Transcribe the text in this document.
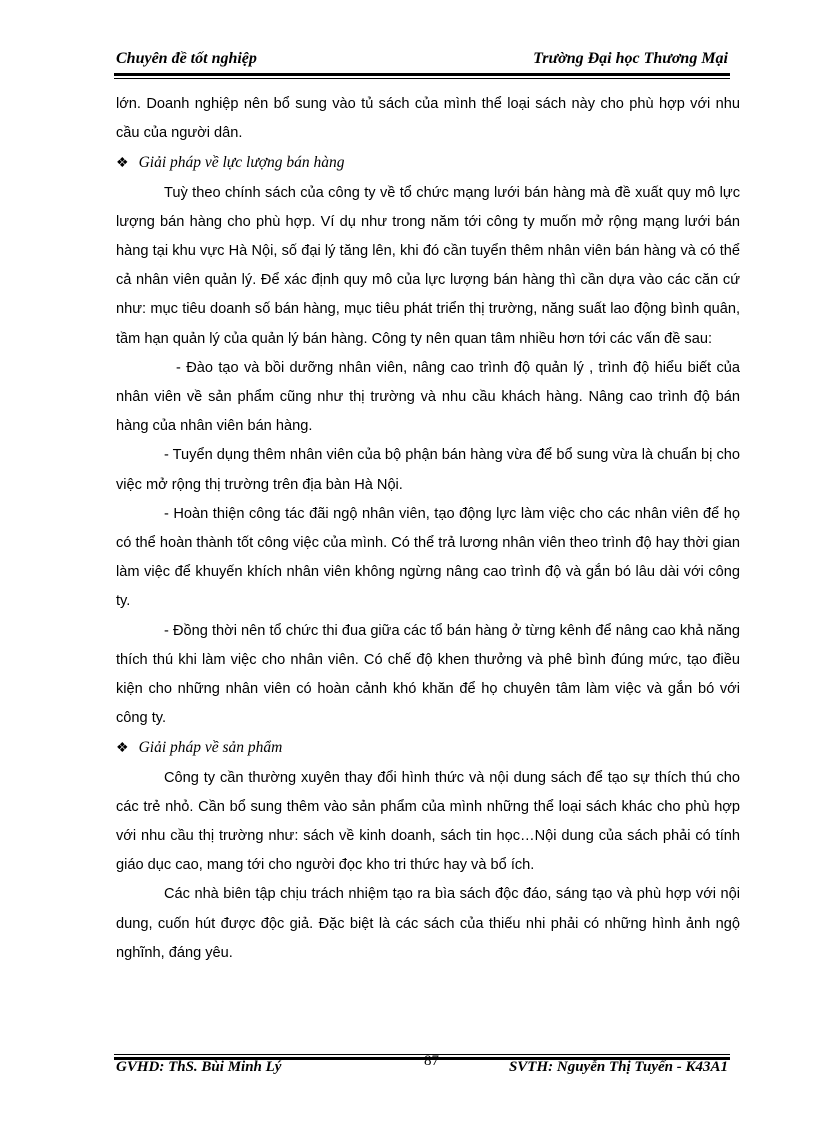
Chuyên đề tốt nghiệp	Trường Đại học Thương Mại

lớn. Doanh nghiệp nên bổ sung vào tủ sách của mình thể loại sách này cho phù hợp với nhu cầu của người dân.

❖ Giải pháp về lực lượng bán hàng

Tuỳ theo chính sách của công ty về tổ chức mạng lưới bán hàng mà đề xuất quy mô lực lượng bán hàng cho phù hợp. Ví dụ như trong năm tới công ty muốn mở rộng mạng lưới bán hàng tại khu vực Hà Nội, số đại lý tăng lên, khi đó cần tuyển thêm nhân viên bán hàng và có thể cả nhân viên quản lý. Để xác định quy mô của lực lượng bán hàng thì cần dựa vào các căn cứ như: mục tiêu doanh số bán hàng, mục tiêu phát triển thị trường, năng suất lao động bình quân, tầm hạn quản lý của quản lý bán hàng. Công ty nên quan tâm nhiều hơn tới các vấn đề sau:

- Đào tạo và bồi dưỡng nhân viên, nâng cao trình độ quản lý , trình độ hiểu biết của nhân viên về sản phẩm cũng như thị trường và nhu cầu khách hàng. Nâng cao trình độ bán hàng của nhân viên bán hàng.

- Tuyển dụng thêm nhân viên của bộ phận bán hàng vừa để bổ sung vừa là chuẩn bị cho việc mở rộng thị trường trên địa bàn Hà Nội.

- Hoàn thiện công tác đãi ngộ nhân viên, tạo động lực làm việc cho các nhân viên để họ có thể hoàn thành tốt công việc của mình. Có thể trả lương nhân viên theo trình độ hay thời gian làm việc để khuyến khích nhân viên không ngừng nâng cao trình độ và gắn bó lâu dài với công ty.

- Đồng thời nên tổ chức thi đua giữa các tổ bán hàng ở từng kênh để nâng cao khả năng thích thú khi làm việc cho nhân viên. Có chế độ khen thưởng và phê bình đúng mức, tạo điều kiện cho những nhân viên có hoàn cảnh khó khăn để họ chuyên tâm làm việc và gắn bó với công ty.

❖ Giải pháp về sản phẩm

Công ty cần thường xuyên thay đổi hình thức và nội dung sách để tạo sự thích thú cho các trẻ nhỏ. Cần bổ sung thêm vào sản phẩm của mình những thể loại sách khác cho phù hợp với nhu cầu thị trường như: sách về kinh doanh, sách tin học…Nội dung của sách phải có tính giáo dục cao, mang tới cho người đọc kho tri thức hay và bổ ích.

Các nhà biên tập chịu trách nhiệm tạo ra bìa sách độc đáo, sáng tạo và phù hợp với nội dung, cuốn hút được độc giả. Đặc biệt là các sách của thiếu nhi phải có những hình ảnh ngộ nghĩnh, đáng yêu.

GVHD: ThS. Bùi Minh Lý	87	SVTH: Nguyễn Thị Tuyến - K43A1
